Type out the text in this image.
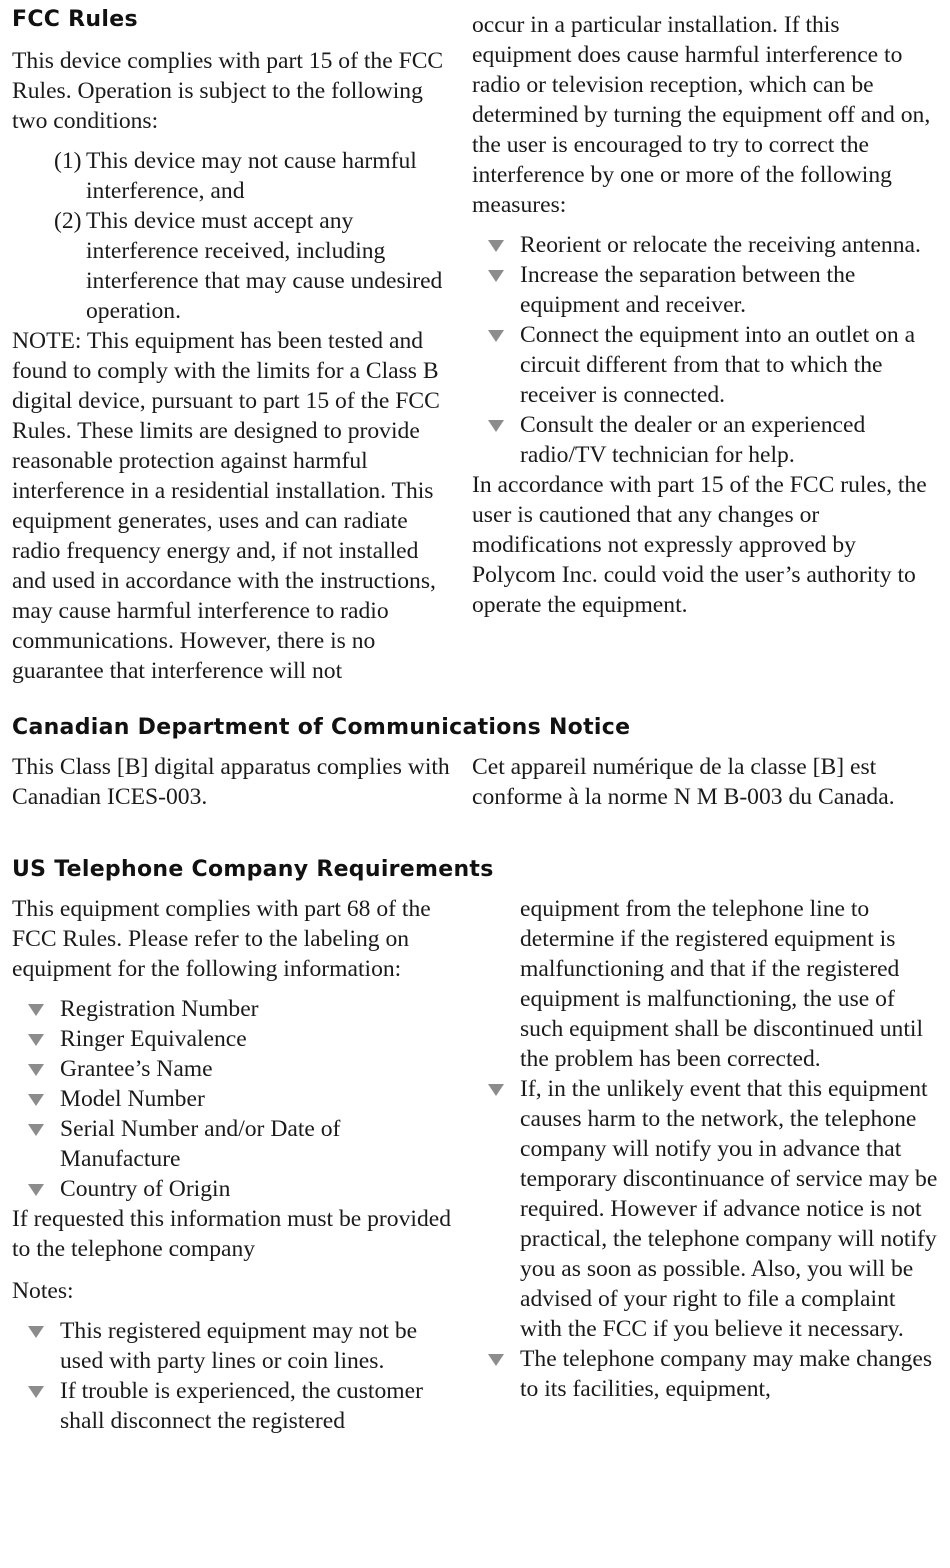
FCC Rules

This device complies with part 15 of the FCC Rules. Operation is subject to the following two conditions:

(1) This device may not cause harmful interference, and
(2) This device must accept any interference received, including interference that may cause undesired operation.

NOTE: This equipment has been tested and found to comply with the limits for a Class B digital device, pursuant to part 15 of the FCC Rules. These limits are designed to provide reasonable protection against harmful interference in a residential installation. This equipment generates, uses and can radiate radio frequency energy and, if not installed and used in accordance with the instructions, may cause harmful interference to radio communications. However, there is no guarantee that interference will not

occur in a particular installation. If this equipment does cause harmful interference to radio or television reception, which can be determined by turning the equipment off and on, the user is encouraged to try to correct the interference by one or more of the following measures:

Reorient or relocate the receiving antenna.
Increase the separation between the equipment and receiver.
Connect the equipment into an outlet on a circuit different from that to which the receiver is connected.
Consult the dealer or an experienced radio/TV technician for help.

In accordance with part 15 of the FCC rules, the user is cautioned that any changes or modifications not expressly approved by Polycom Inc. could void the user’s authority to operate the equipment.

Canadian Department of Communications Notice

This Class [B] digital apparatus complies with Canadian ICES-003.

Cet appareil numérique de la classe [B] est conforme à la norme N M B-003 du Canada.

US Telephone Company Requirements

This equipment complies with part 68 of the FCC Rules. Please refer to the labeling on equipment for the following information:

Registration Number
Ringer Equivalence
Grantee’s Name
Model Number
Serial Number and/or Date of Manufacture
Country of Origin

If requested this information must be provided to the telephone company

Notes:

This registered equipment may not be used with party lines or coin lines.
If trouble is experienced, the customer shall disconnect the registered

equipment from the telephone line to determine if the registered equipment is malfunctioning and that if the registered equipment is malfunctioning, the use of such equipment shall be discontinued until the problem has been corrected.

If, in the unlikely event that this equipment causes harm to the network, the telephone company will notify you in advance that temporary discontinuance of service may be required. However if advance notice is not practical, the telephone company will notify you as soon as possible. Also, you will be advised of your right to file a complaint with the FCC if you believe it necessary.
The telephone company may make changes to its facilities, equipment,
